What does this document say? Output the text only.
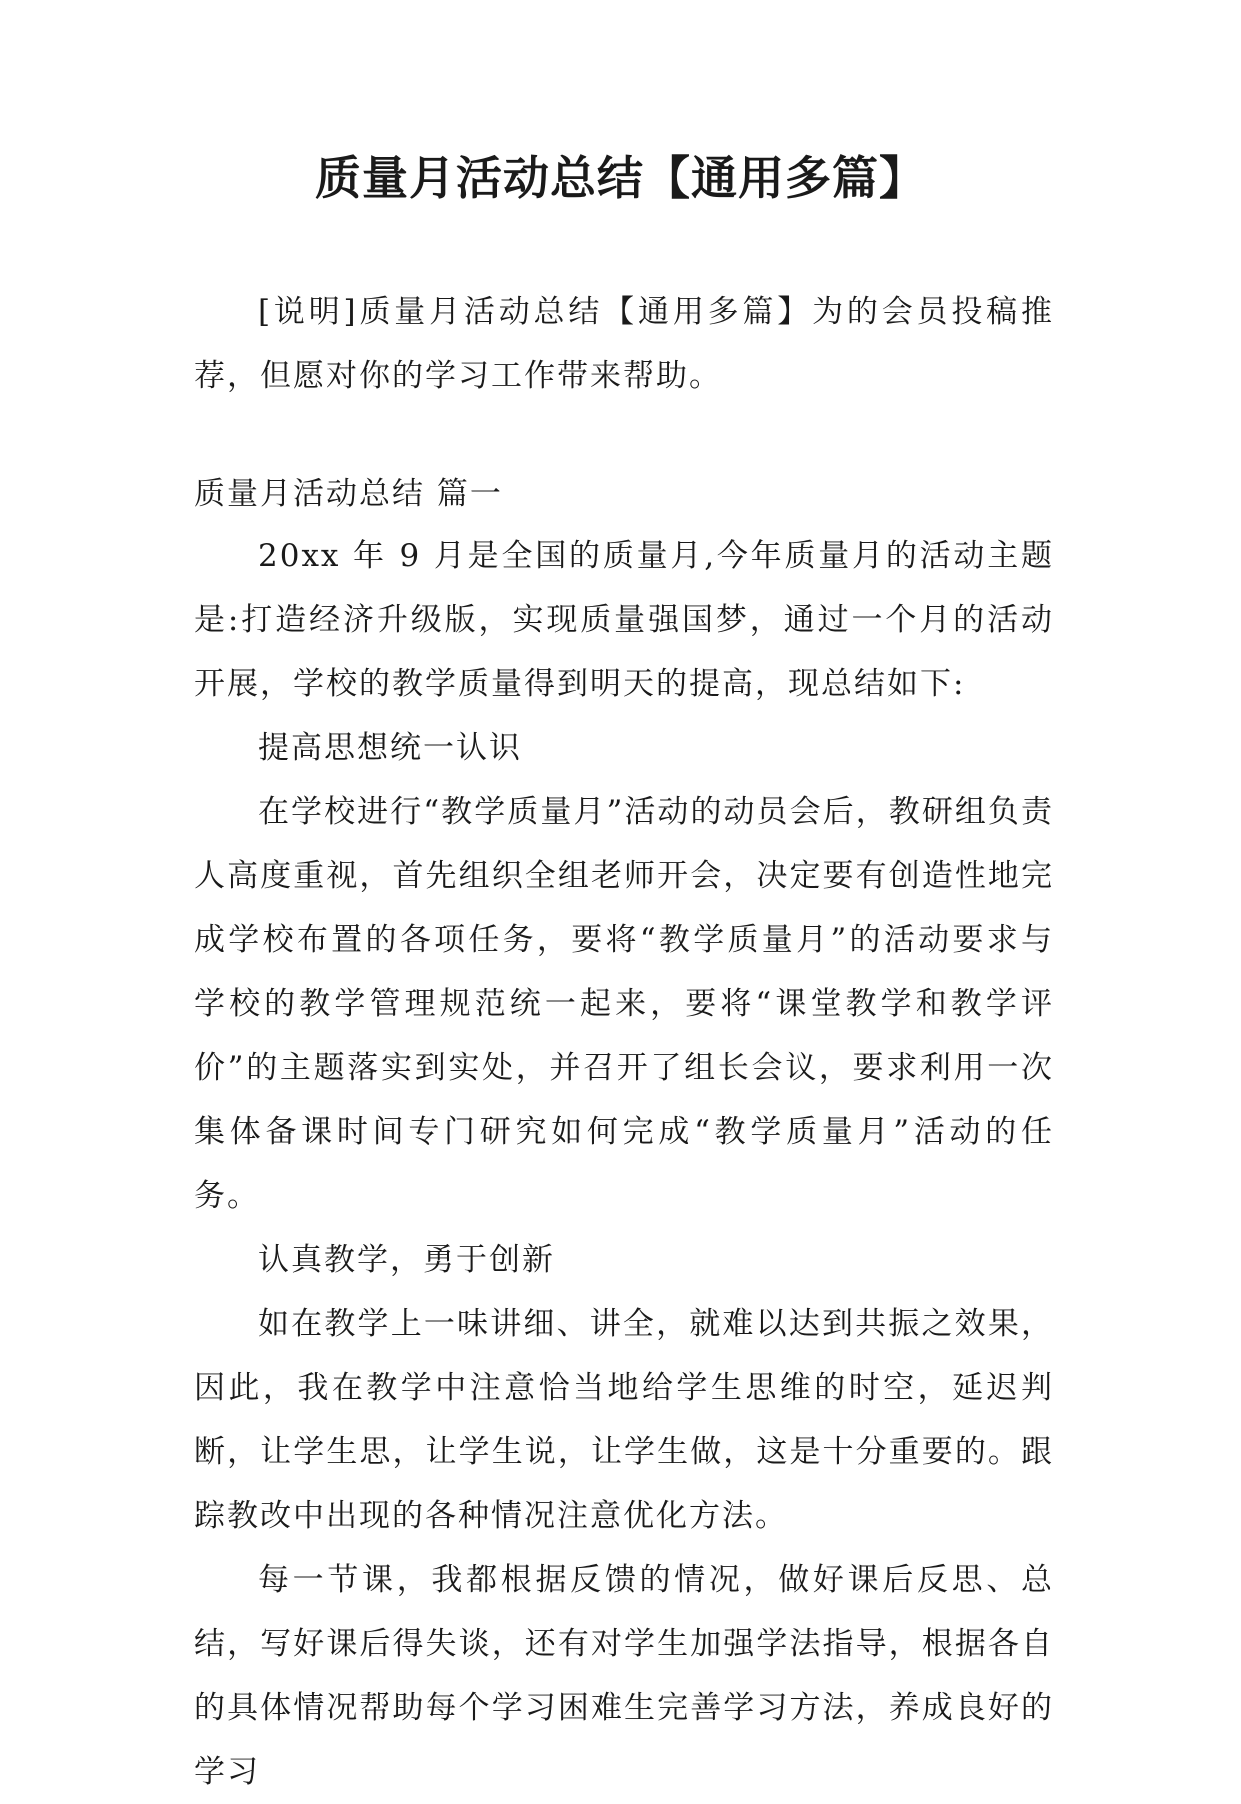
质量月活动总结【通用多篇】

[说明]质量月活动总结【通用多篇】为的会员投稿推荐，但愿对你的学习工作带来帮助。

质量月活动总结 篇一

20xx 年 9 月是全国的质量月,今年质量月的活动主题是:打造经济升级版，实现质量强国梦，通过一个月的活动开展，学校的教学质量得到明天的提高，现总结如下:

提高思想统一认识

在学校进行“教学质量月”活动的动员会后，教研组负责人高度重视，首先组织全组老师开会，决定要有创造性地完成学校布置的各项任务，要将“教学质量月”的活动要求与学校的教学管理规范统一起来，要将“课堂教学和教学评价”的主题落实到实处，并召开了组长会议，要求利用一次集体备课时间专门研究如何完成“教学质量月”活动的任务。

认真教学，勇于创新

如在教学上一味讲细、讲全，就难以达到共振之效果，因此，我在教学中注意恰当地给学生思维的时空，延迟判断，让学生思，让学生说，让学生做，这是十分重要的。跟踪教改中出现的各种情况注意优化方法。

每一节课，我都根据反馈的情况，做好课后反思、总结，写好课后得失谈，还有对学生加强学法指导，根据各自的具体情况帮助每个学习困难生完善学习方法，养成良好的学习
